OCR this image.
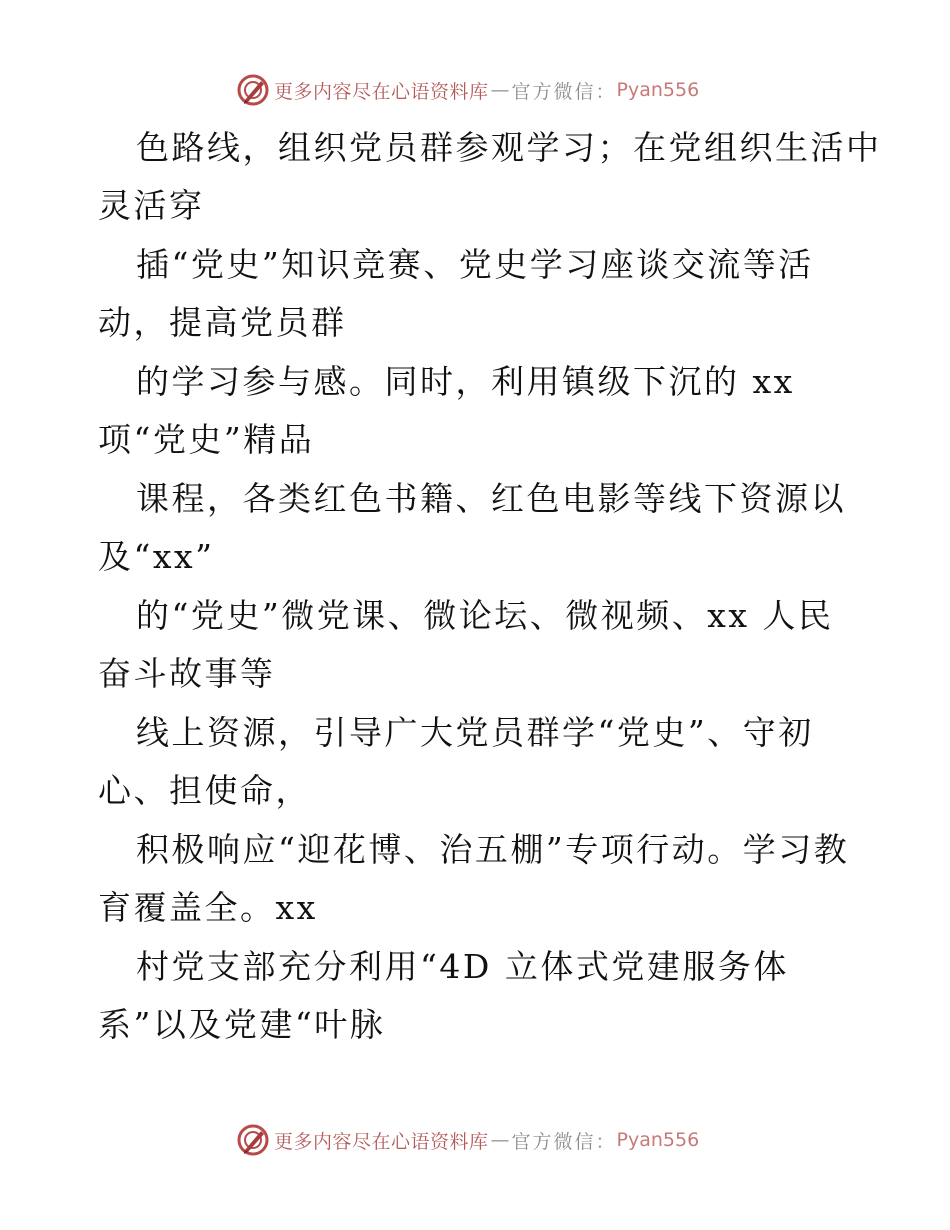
更多内容尽在心语资料库 — 官方微信： Pyan556
色路线，组织党员群参观学习；在党组织生活中
灵活穿
插“党史”知识竞赛、党史学习座谈交流等活
动，提高党员群
的学习参与感。同时，利用镇级下沉的 xx
项“党史”精品
课程，各类红色书籍、红色电影等线下资源以
及“xx”
的“党史”微党课、微论坛、微视频、xx 人民
奋斗故事等
线上资源，引导广大党员群学“党史”、守初
心、担使命，
积极响应“迎花博、治五棚”专项行动。学习教
育覆盖全。xx
村党支部充分利用“4D 立体式党建服务体
系”以及党建“叶脉
更多内容尽在心语资料库 — 官方微信： Pyan556
